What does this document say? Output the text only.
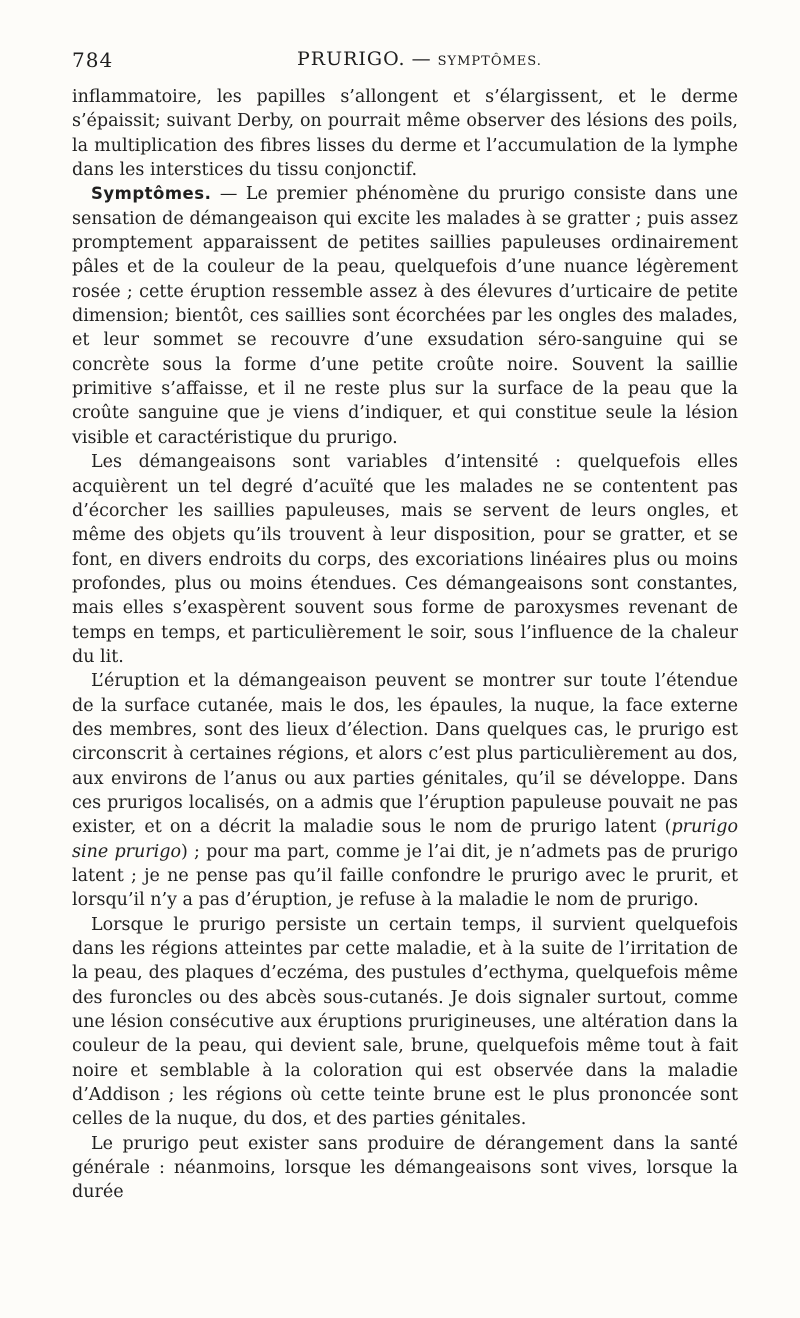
784	PRURIGO. — SYMPTÔMES.

inflammatoire, les papilles s’allongent et s’élargissent, et le derme s’épaissit; suivant Derby, on pourrait même observer des lésions des poils, la multiplication des fibres lisses du derme et l’accumulation de la lymphe dans les interstices du tissu conjonctif.

Symptômes. — Le premier phénomène du prurigo consiste dans une sensation de démangeaison qui excite les malades à se gratter ; puis assez promptement apparaissent de petites saillies papuleuses ordinairement pâles et de la couleur de la peau, quelquefois d’une nuance légèrement rosée ; cette éruption ressemble assez à des élevures d’urticaire de petite dimension; bientôt, ces saillies sont écorchées par les ongles des malades, et leur sommet se recouvre d’une exsudation séro-sanguine qui se concrète sous la forme d’une petite croûte noire. Souvent la saillie primitive s’affaisse, et il ne reste plus sur la surface de la peau que la croûte sanguine que je viens d’indiquer, et qui constitue seule la lésion visible et caractéristique du prurigo.

Les démangeaisons sont variables d’intensité : quelquefois elles acquièrent un tel degré d’acuïté que les malades ne se contentent pas d’écorcher les saillies papuleuses, mais se servent de leurs ongles, et même des objets qu’ils trouvent à leur disposition, pour se gratter, et se font, en divers endroits du corps, des excoriations linéaires plus ou moins profondes, plus ou moins étendues. Ces démangeaisons sont constantes, mais elles s’exaspèrent souvent sous forme de paroxysmes revenant de temps en temps, et particulièrement le soir, sous l’influence de la chaleur du lit.

L’éruption et la démangeaison peuvent se montrer sur toute l’étendue de la surface cutanée, mais le dos, les épaules, la nuque, la face externe des membres, sont des lieux d’élection. Dans quelques cas, le prurigo est circonscrit à certaines régions, et alors c’est plus particulièrement au dos, aux environs de l’anus ou aux parties génitales, qu’il se développe. Dans ces prurigos localisés, on a admis que l’éruption papuleuse pouvait ne pas exister, et on a décrit la maladie sous le nom de prurigo latent (prurigo sine prurigo) ; pour ma part, comme je l’ai dit, je n’admets pas de prurigo latent ; je ne pense pas qu’il faille confondre le prurigo avec le prurit, et lorsqu’il n’y a pas d’éruption, je refuse à la maladie le nom de prurigo.

Lorsque le prurigo persiste un certain temps, il survient quelquefois dans les régions atteintes par cette maladie, et à la suite de l’irritation de la peau, des plaques d’eczéma, des pustules d’ecthyma, quelquefois même des furoncles ou des abcès sous-cutanés. Je dois signaler surtout, comme une lésion consécutive aux éruptions prurigineuses, une altération dans la couleur de la peau, qui devient sale, brune, quelquefois même tout à fait noire et semblable à la coloration qui est observée dans la maladie d’Addison ; les régions où cette teinte brune est le plus prononcée sont celles de la nuque, du dos, et des parties génitales.

Le prurigo peut exister sans produire de dérangement dans la santé générale : néanmoins, lorsque les démangeaisons sont vives, lorsque la durée
